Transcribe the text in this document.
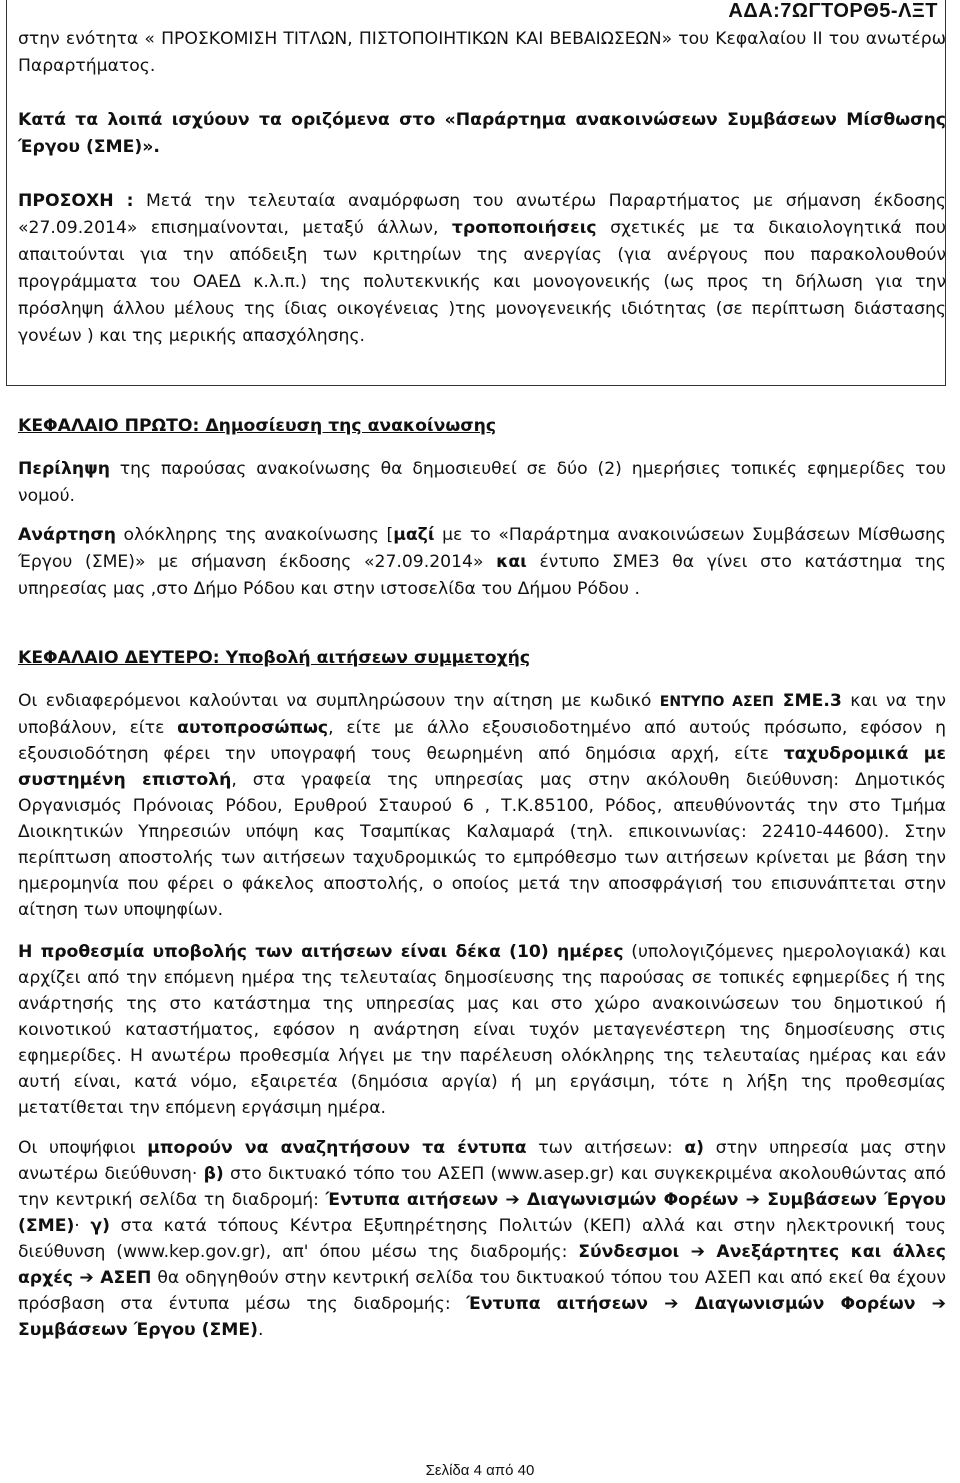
ΑΔΑ:7ΩΓΤΟΡΘ5-ΛΞΤ

στην ενότητα « ΠΡΟΣΚΟΜΙΣΗ ΤΙΤΛΩΝ, ΠΙΣΤΟΠΟΙΗΤΙΚΩΝ ΚΑΙ ΒΕΒΑΙΩΣΕΩΝ» του Κεφαλαίου ΙΙ του ανωτέρω Παραρτήματος.

Κατά τα λοιπά ισχύουν τα οριζόμενα στο «Παράρτημα ανακοινώσεων Συμβάσεων Μίσθωσης Έργου (ΣΜΕ)».

ΠΡΟΣΟΧΗ : Μετά την τελευταία αναμόρφωση του ανωτέρω Παραρτήματος με σήμανση έκδοσης «27.09.2014» επισημαίνονται, μεταξύ άλλων, τροποποιήσεις σχετικές με τα δικαιολογητικά που απαιτούνται για την απόδειξη των κριτηρίων της ανεργίας (για ανέργους που παρακολουθούν προγράμματα του ΟΑΕΔ κ.λ.π.) της πολυτεκνικής και μονογονεικής (ως προς τη δήλωση για την πρόσληψη άλλου μέλους της ίδιας οικογένειας )της μονογενεικής ιδιότητας (σε περίπτωση διάστασης γονέων ) και της μερικής απασχόλησης.

ΚΕΦΑΛΑΙΟ ΠΡΩΤΟ: Δημοσίευση της ανακοίνωσης

Περίληψη της παρούσας ανακοίνωσης θα δημοσιευθεί σε δύο (2) ημερήσιες τοπικές εφημερίδες του νομού.

Ανάρτηση ολόκληρης της ανακοίνωσης [μαζί με το «Παράρτημα ανακοινώσεων Συμβάσεων Μίσθωσης Έργου (ΣΜΕ)» με σήμανση έκδοσης «27.09.2014» και έντυπο ΣΜΕ3 θα γίνει στο κατάστημα της υπηρεσίας μας ,στο Δήμο Ρόδου και στην ιστοσελίδα του Δήμου Ρόδου .

ΚΕΦΑΛΑΙΟ ΔΕΥΤΕΡΟ: Υποβολή αιτήσεων συμμετοχής

Οι ενδιαφερόμενοι καλούνται να συμπληρώσουν την αίτηση με κωδικό ΕΝΤΥΠΟ ΑΣΕΠ ΣΜΕ.3 και να την υποβάλουν, είτε αυτοπροσώπως, είτε με άλλο εξουσιοδοτημένο από αυτούς πρόσωπο, εφόσον η εξουσιοδότηση φέρει την υπογραφή τους θεωρημένη από δημόσια αρχή, είτε ταχυδρομικά με συστημένη επιστολή, στα γραφεία της υπηρεσίας μας στην ακόλουθη διεύθυνση: Δημοτικός Οργανισμός Πρόνοιας Ρόδου, Ερυθρού Σταυρού 6 , Τ.Κ.85100, Ρόδος, απευθύνοντάς την στο Τμήμα Διοικητικών Υπηρεσιών υπόψη κας Τσαμπίκας Καλαμαρά (τηλ. επικοινωνίας: 22410-44600). Στην περίπτωση αποστολής των αιτήσεων ταχυδρομικώς το εμπρόθεσμο των αιτήσεων κρίνεται με βάση την ημερομηνία που φέρει ο φάκελος αποστολής, ο οποίος μετά την αποσφράγισή του επισυνάπτεται στην αίτηση των υποψηφίων.

Η προθεσμία υποβολής των αιτήσεων είναι δέκα (10) ημέρες (υπολογιζόμενες ημερολογιακά) και αρχίζει από την επόμενη ημέρα της τελευταίας δημοσίευσης της παρούσας σε τοπικές εφημερίδες ή της ανάρτησής της στο κατάστημα της υπηρεσίας μας και στο χώρο ανακοινώσεων του δημοτικού ή κοινοτικού καταστήματος, εφόσον η ανάρτηση είναι τυχόν μεταγενέστερη της δημοσίευσης στις εφημερίδες. Η ανωτέρω προθεσμία λήγει με την παρέλευση ολόκληρης της τελευταίας ημέρας και εάν αυτή είναι, κατά νόμο, εξαιρετέα (δημόσια αργία) ή μη εργάσιμη, τότε η λήξη της προθεσμίας μετατίθεται την επόμενη εργάσιμη ημέρα.

Οι υποψήφιοι μπορούν να αναζητήσουν τα έντυπα των αιτήσεων: α) στην υπηρεσία μας στην ανωτέρω διεύθυνση· β) στο δικτυακό τόπο του ΑΣΕΠ (www.asep.gr) και συγκεκριμένα ακολουθώντας από την κεντρική σελίδα τη διαδρομή: Έντυπα αιτήσεων ➔ Διαγωνισμών Φορέων ➔ Συμβάσεων Έργου (ΣΜΕ)· γ) στα κατά τόπους Κέντρα Εξυπηρέτησης Πολιτών (ΚΕΠ) αλλά και στην ηλεκτρονική τους διεύθυνση (www.kep.gov.gr), απ' όπου μέσω της διαδρομής: Σύνδεσμοι ➔ Ανεξάρτητες και άλλες αρχές ➔ ΑΣΕΠ θα οδηγηθούν στην κεντρική σελίδα του δικτυακού τόπου του ΑΣΕΠ και από εκεί θα έχουν πρόσβαση στα έντυπα μέσω της διαδρομής: Έντυπα αιτήσεων ➔ Διαγωνισμών Φορέων ➔ Συμβάσεων Έργου (ΣΜΕ).

Σελίδα 4 από 40
